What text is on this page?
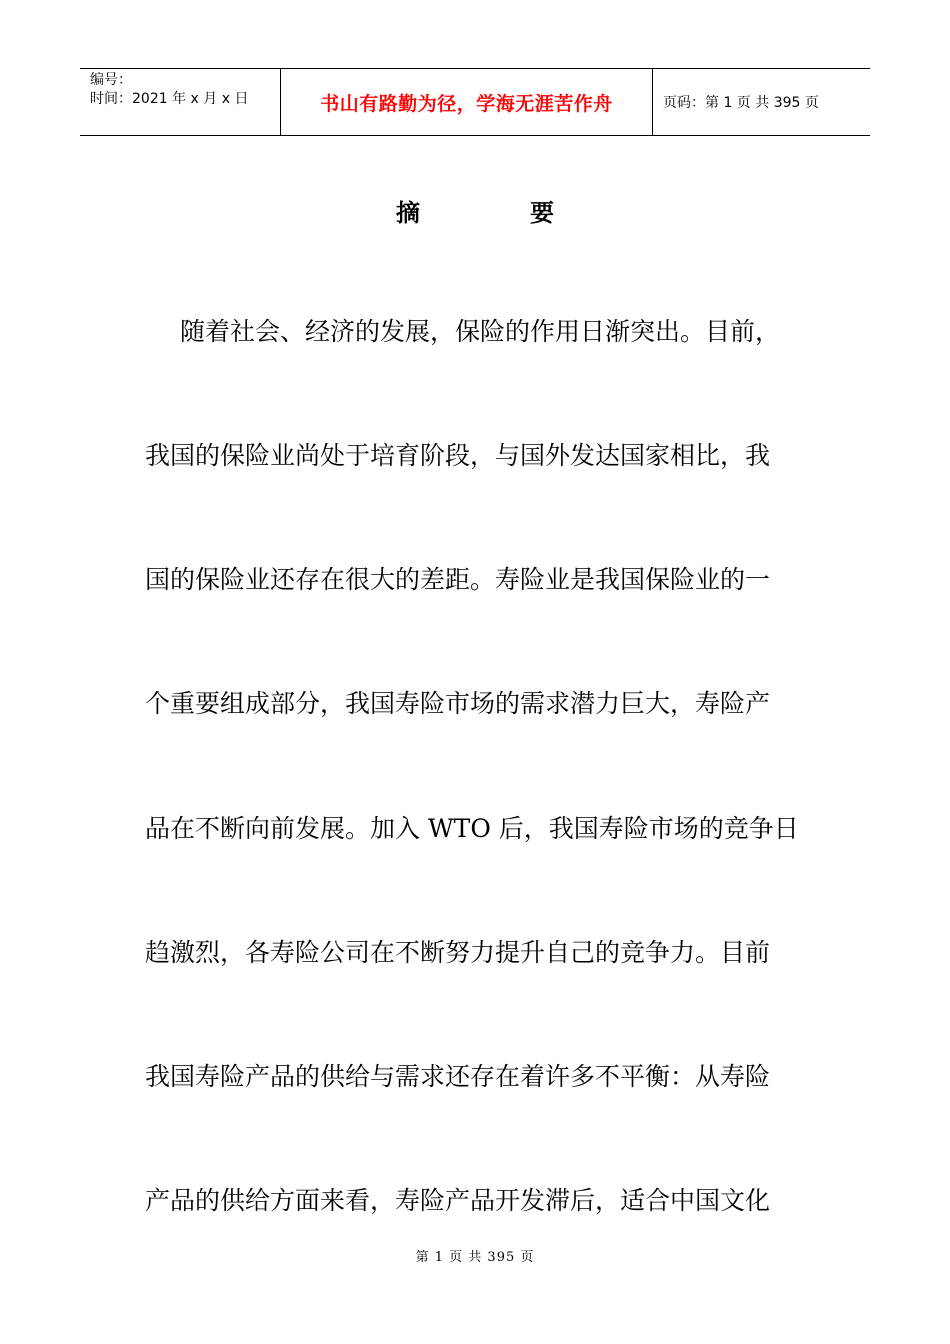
编号：
时间：2021 年 x 月 x 日	书山有路勤为径，学海无涯苦作舟	页码：第 1 页 共 395 页
摘	要
随着社会、经济的发展，保险的作用日渐突出。目前，
我国的保险业尚处于培育阶段，与国外发达国家相比，我
国的保险业还存在很大的差距。寿险业是我国保险业的一
个重要组成部分，我国寿险市场的需求潜力巨大，寿险产
品在不断向前发展。加入 WTO 后，我国寿险市场的竞争日
趋激烈，各寿险公司在不断努力提升自己的竞争力。目前
我国寿险产品的供给与需求还存在着许多不平衡：从寿险
产品的供给方面来看，寿险产品开发滞后，适合中国文化
第 1 页 共 395 页
